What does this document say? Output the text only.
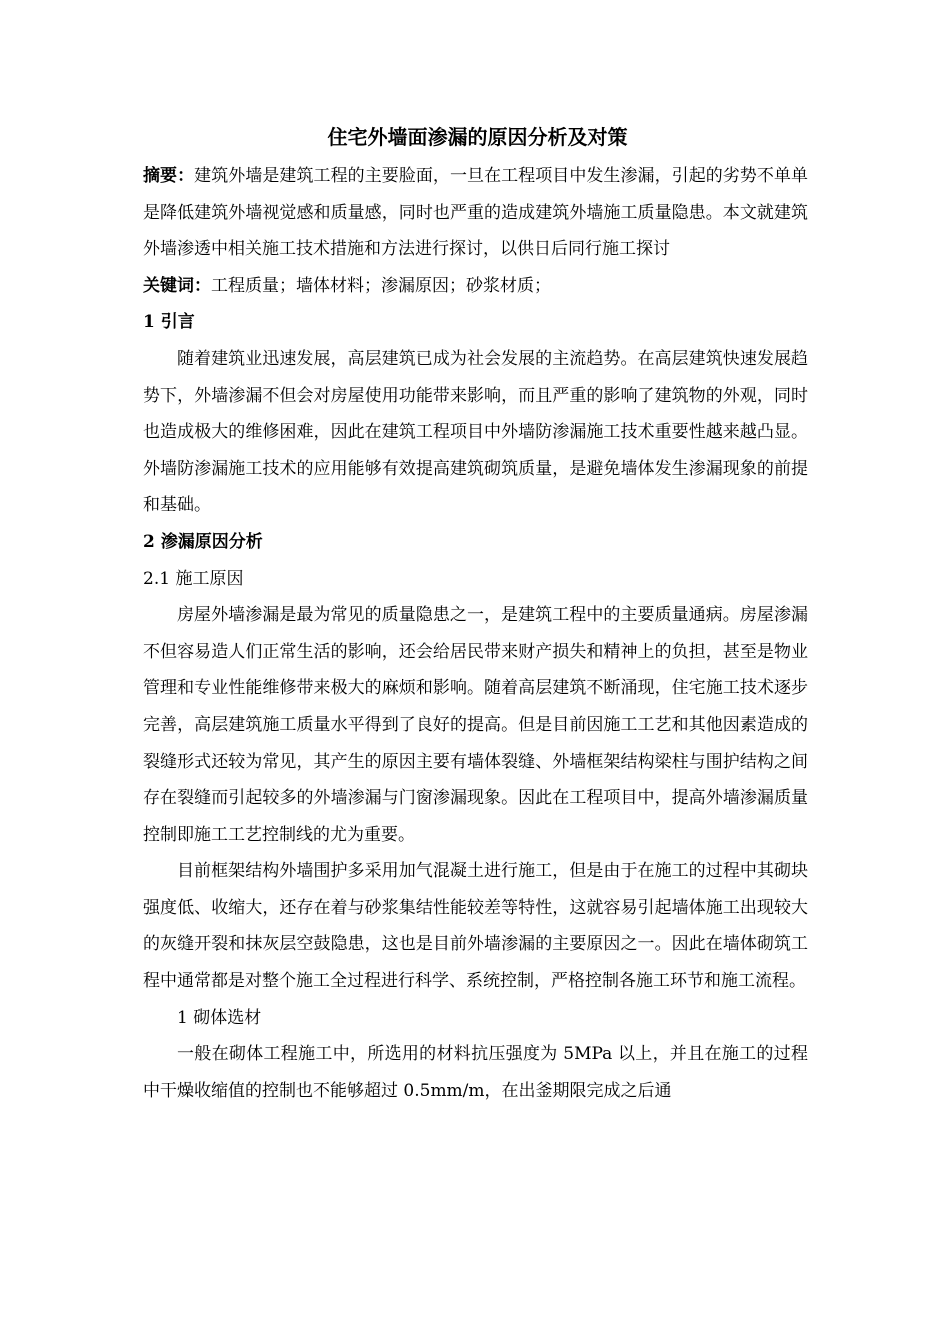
住宅外墙面渗漏的原因分析及对策

摘要：建筑外墙是建筑工程的主要脸面，一旦在工程项目中发生渗漏，引起的劣势不单单是降低建筑外墙视觉感和质量感，同时也严重的造成建筑外墙施工质量隐患。本文就建筑外墙渗透中相关施工技术措施和方法进行探讨，以供日后同行施工探讨

关键词：工程质量；墙体材料；渗漏原因；砂浆材质；

1 引言

随着建筑业迅速发展，高层建筑已成为社会发展的主流趋势。在高层建筑快速发展趋势下，外墙渗漏不但会对房屋使用功能带来影响，而且严重的影响了建筑物的外观，同时也造成极大的维修困难，因此在建筑工程项目中外墙防渗漏施工技术重要性越来越凸显。外墙防渗漏施工技术的应用能够有效提高建筑砌筑质量，是避免墙体发生渗漏现象的前提和基础。

2 渗漏原因分析
2.1 施工原因

房屋外墙渗漏是最为常见的质量隐患之一，是建筑工程中的主要质量通病。房屋渗漏不但容易造人们正常生活的影响，还会给居民带来财产损失和精神上的负担，甚至是物业管理和专业性能维修带来极大的麻烦和影响。随着高层建筑不断涌现，住宅施工技术逐步完善，高层建筑施工质量水平得到了良好的提高。但是目前因施工工艺和其他因素造成的裂缝形式还较为常见，其产生的原因主要有墙体裂缝、外墙框架结构梁柱与围护结构之间存在裂缝而引起较多的外墙渗漏与门窗渗漏现象。因此在工程项目中，提高外墙渗漏质量控制即施工工艺控制线的尤为重要。

目前框架结构外墙围护多采用加气混凝土进行施工，但是由于在施工的过程中其砌块强度低、收缩大，还存在着与砂浆集结性能较差等特性，这就容易引起墙体施工出现较大的灰缝开裂和抹灰层空鼓隐患，这也是目前外墙渗漏的主要原因之一。因此在墙体砌筑工程中通常都是对整个施工全过程进行科学、系统控制，严格控制各施工环节和施工流程。

1 砌体选材

一般在砌体工程施工中，所选用的材料抗压强度为 5MPa 以上，并且在施工的过程中干燥收缩值的控制也不能够超过 0.5mm/m，在出釜期限完成之后通
